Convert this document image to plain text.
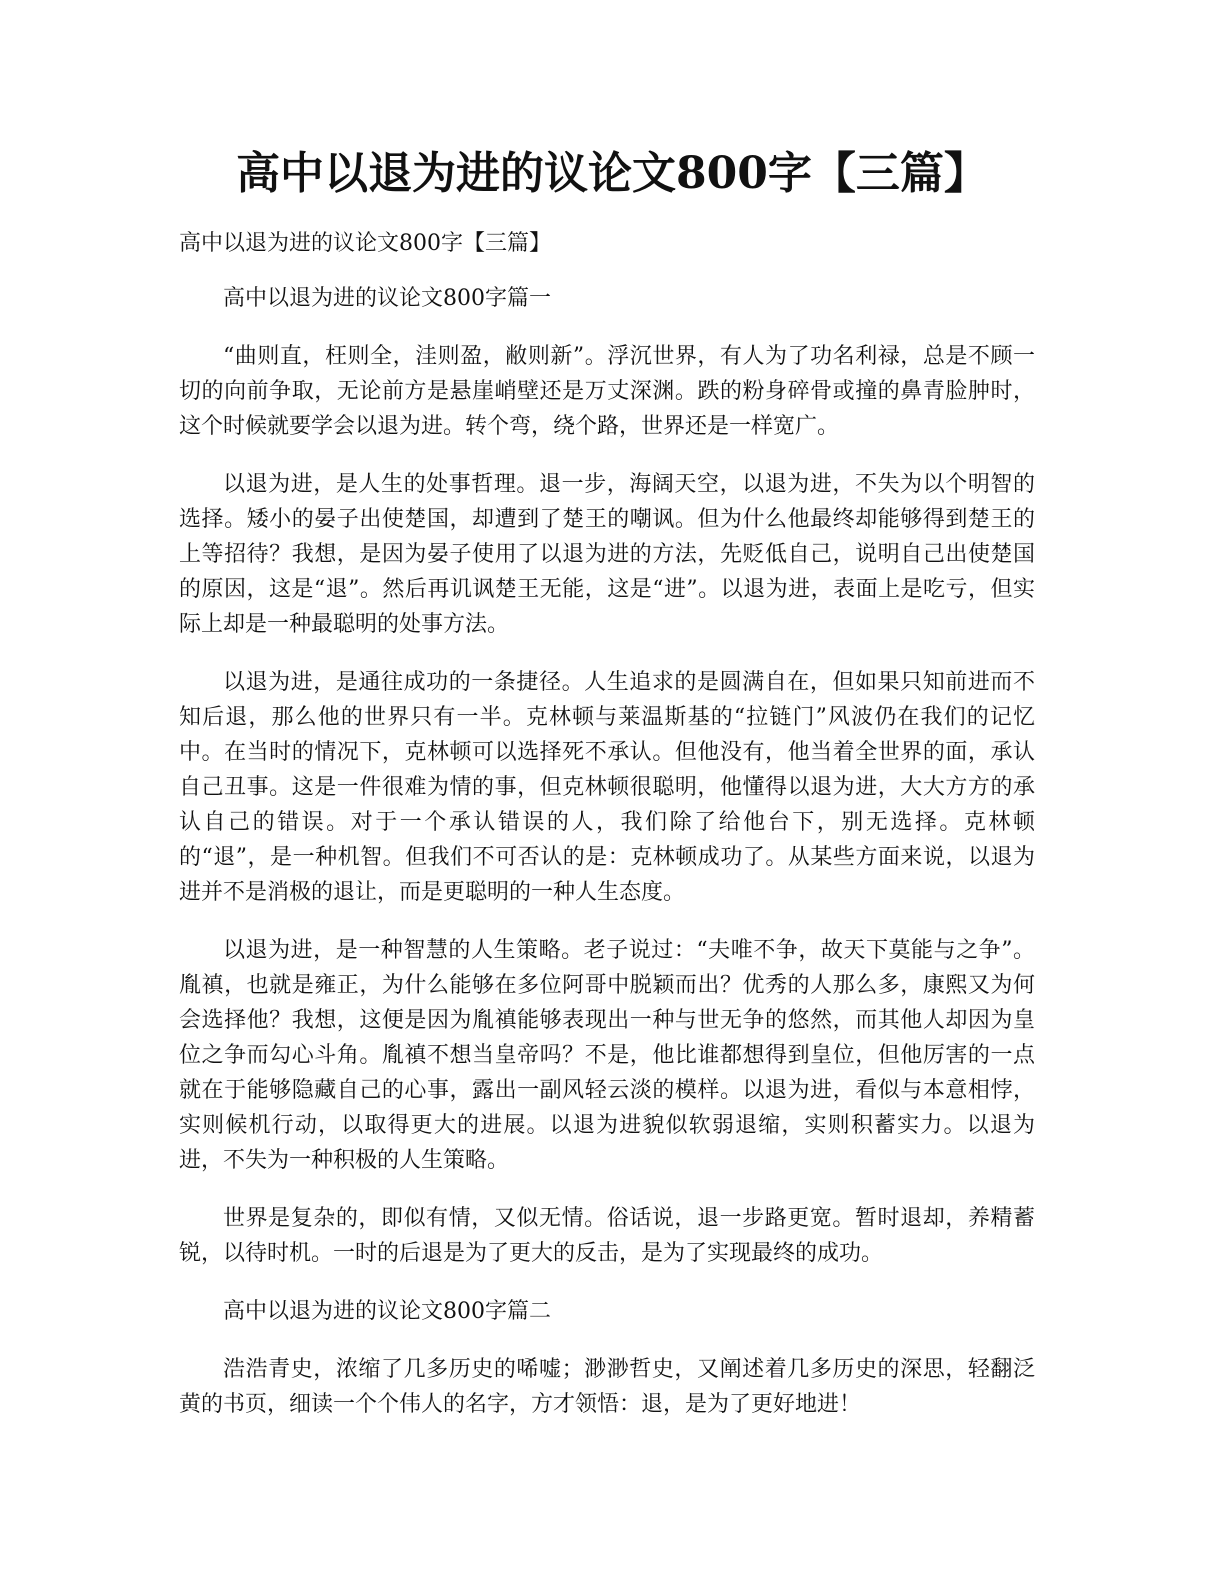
高中以退为进的议论文800字【三篇】

高中以退为进的议论文800字【三篇】

高中以退为进的议论文800字篇一

“曲则直，枉则全，洼则盈，敝则新”。浮沉世界，有人为了功名利禄，总是不顾一切的向前争取，无论前方是悬崖峭壁还是万丈深渊。跌的粉身碎骨或撞的鼻青脸肿时，这个时候就要学会以退为进。转个弯，绕个路，世界还是一样宽广。

以退为进，是人生的处事哲理。退一步，海阔天空，以退为进，不失为以个明智的选择。矮小的晏子出使楚国，却遭到了楚王的嘲讽。但为什么他最终却能够得到楚王的上等招待？我想，是因为晏子使用了以退为进的方法，先贬低自己，说明自己出使楚国的原因，这是“退”。然后再讥讽楚王无能，这是“进”。以退为进，表面上是吃亏，但实际上却是一种最聪明的处事方法。

以退为进，是通往成功的一条捷径。人生追求的是圆满自在，但如果只知前进而不知后退，那么他的世界只有一半。克林顿与莱温斯基的“拉链门”风波仍在我们的记忆中。在当时的情况下，克林顿可以选择死不承认。但他没有，他当着全世界的面，承认自己丑事。这是一件很难为情的事，但克林顿很聪明，他懂得以退为进，大大方方的承认自己的错误。对于一个承认错误的人，我们除了给他台下，别无选择。克林顿的“退”，是一种机智。但我们不可否认的是：克林顿成功了。从某些方面来说，以退为进并不是消极的退让，而是更聪明的一种人生态度。

以退为进，是一种智慧的人生策略。老子说过：“夫唯不争，故天下莫能与之争”。胤禛，也就是雍正，为什么能够在多位阿哥中脱颖而出？优秀的人那么多，康熙又为何会选择他？我想，这便是因为胤禛能够表现出一种与世无争的悠然，而其他人却因为皇位之争而勾心斗角。胤禛不想当皇帝吗？不是，他比谁都想得到皇位，但他厉害的一点就在于能够隐藏自己的心事，露出一副风轻云淡的模样。以退为进，看似与本意相悖，实则候机行动，以取得更大的进展。以退为进貌似软弱退缩，实则积蓄实力。以退为进，不失为一种积极的人生策略。

世界是复杂的，即似有情，又似无情。俗话说，退一步路更宽。暂时退却，养精蓄锐，以待时机。一时的后退是为了更大的反击，是为了实现最终的成功。

高中以退为进的议论文800字篇二

浩浩青史，浓缩了几多历史的唏嘘；渺渺哲史，又阐述着几多历史的深思，轻翻泛黄的书页，细读一个个伟人的名字，方才领悟：退，是为了更好地进！
